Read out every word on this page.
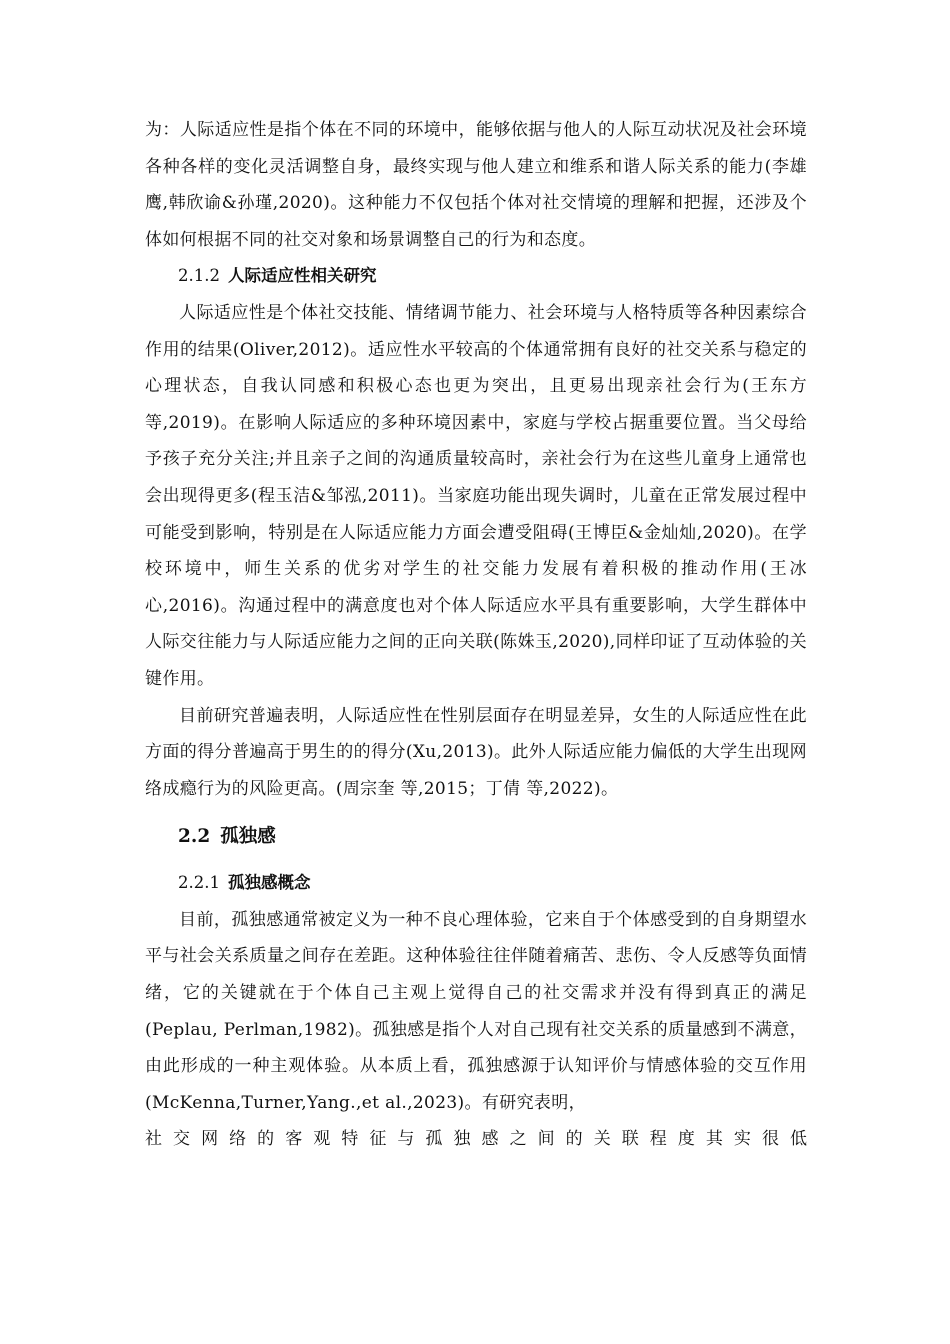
为：人际适应性是指个体在不同的环境中，能够依据与他人的人际互动状况及社会环境各种各样的变化灵活调整自身，最终实现与他人建立和维系和谐人际关系的能力(李雄鹰,韩欣谕&孙瑾,2020)。这种能力不仅包括个体对社交情境的理解和把握，还涉及个体如何根据不同的社交对象和场景调整自己的行为和态度。

2.1.2 人际适应性相关研究

人际适应性是个体社交技能、情绪调节能力、社会环境与人格特质等各种因素综合作用的结果(Oliver,2012)。适应性水平较高的个体通常拥有良好的社交关系与稳定的心理状态，自我认同感和积极心态也更为突出，且更易出现亲社会行为(王东方等,2019)。在影响人际适应的多种环境因素中，家庭与学校占据重要位置。当父母给予孩子充分关注;并且亲子之间的沟通质量较高时，亲社会行为在这些儿童身上通常也会出现得更多(程玉洁&邹泓,2011)。当家庭功能出现失调时，儿童在正常发展过程中可能受到影响，特别是在人际适应能力方面会遭受阻碍(王博臣&金灿灿,2020)。在学校环境中，师生关系的优劣对学生的社交能力发展有着积极的推动作用(王冰心,2016)。沟通过程中的满意度也对个体人际适应水平具有重要影响，大学生群体中人际交往能力与人际适应能力之间的正向关联(陈姝玉,2020),同样印证了互动体验的关键作用。

目前研究普遍表明，人际适应性在性别层面存在明显差异，女生的人际适应性在此方面的得分普遍高于男生的的得分(Xu,2013)。此外人际适应能力偏低的大学生出现网络成瘾行为的风险更高。(周宗奎 等,2015；丁倩 等,2022)。

2.2 孤独感
2.2.1 孤独感概念

目前，孤独感通常被定义为一种不良心理体验，它来自于个体感受到的自身期望水平与社会关系质量之间存在差距。这种体验往往伴随着痛苦、悲伤、令人反感等负面情绪，它的关键就在于个体自己主观上觉得自己的社交需求并没有得到真正的满足(Peplau, Perlman,1982)。孤独感是指个人对自己现有社交关系的质量感到不满意，由此形成的一种主观体验。从本质上看，孤独感源于认知评价与情感体验的交互作用(McKenna,Turner,Yang.,et al.,2023)。有研究表明，

社交网络的客观特征与孤独感之间的关联程度其实很低
